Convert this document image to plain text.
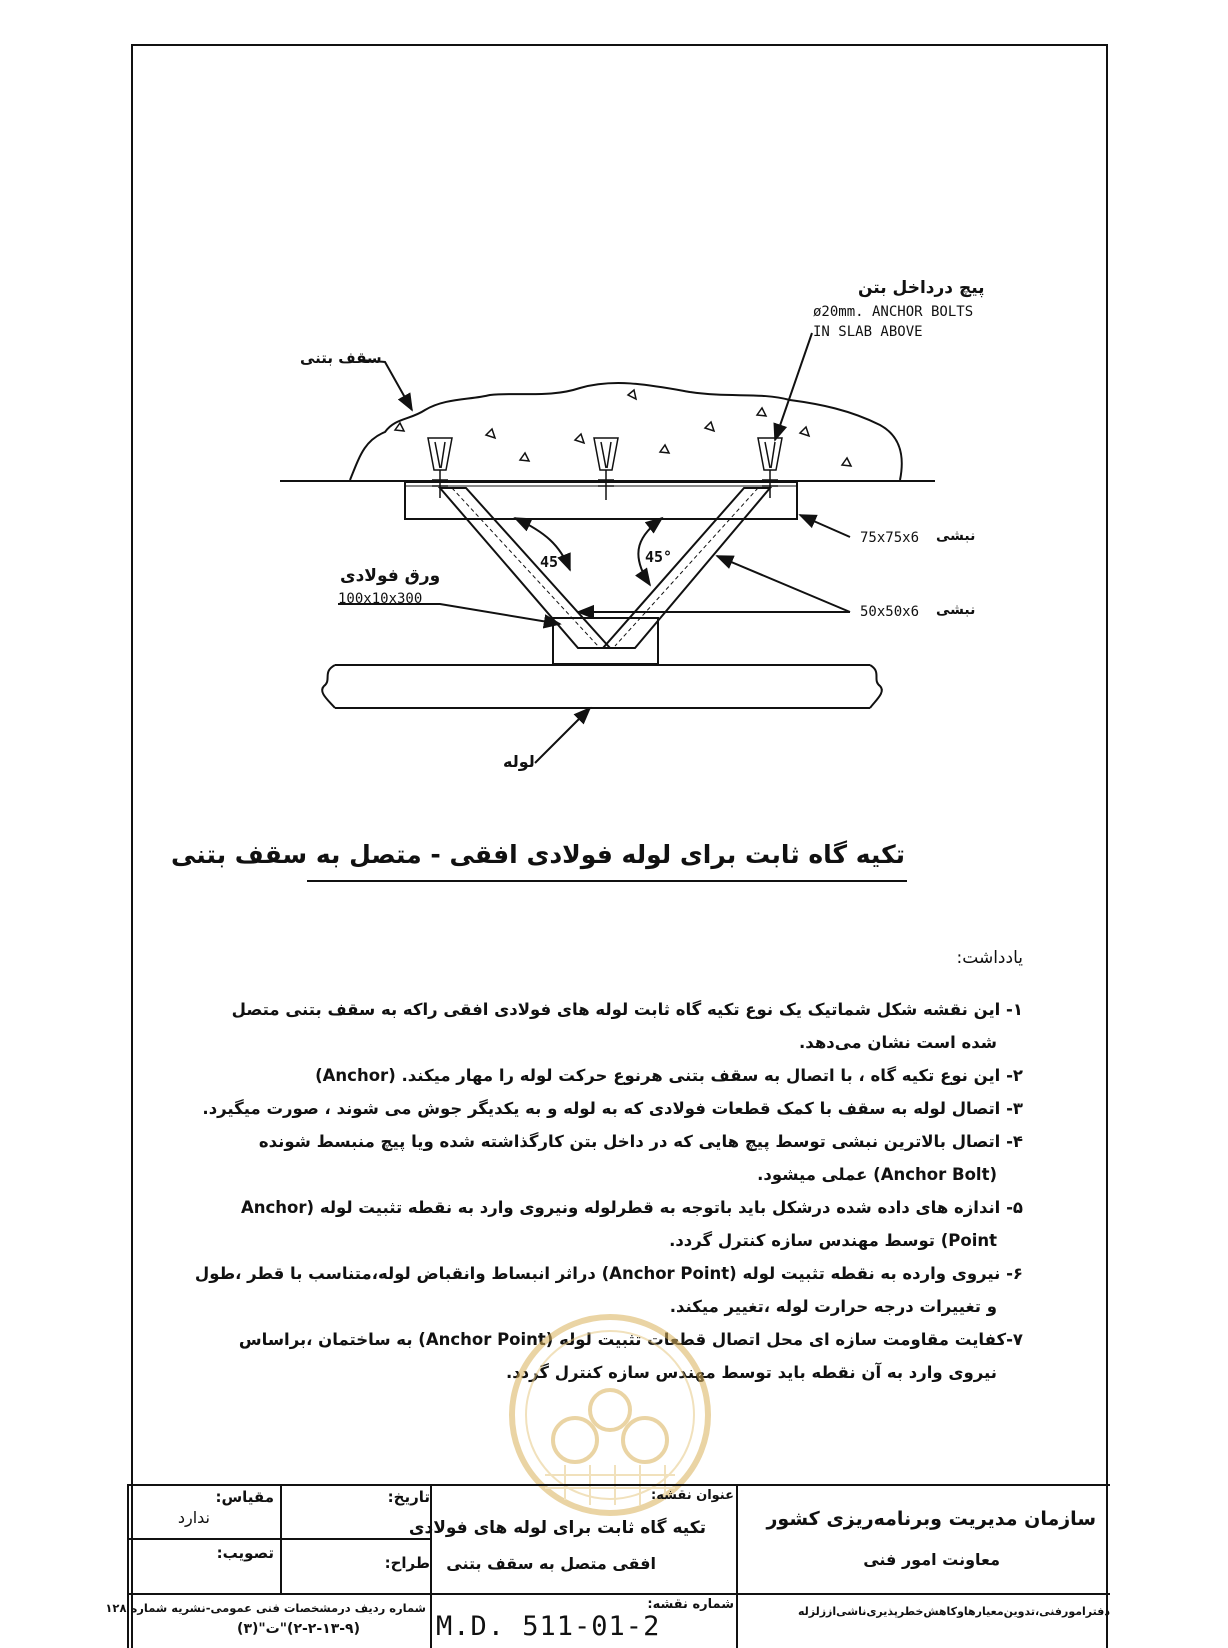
پیچ درداخل بتن
ø20mm. ANCHOR BOLTS
IN SLAB ABOVE
سقف بتنی
75x75x6 نبشی
50x50x6 نبشی
ورق فولادی
100x10x300
لوله
45°	45°
تکیه گاه ثابت برای لوله فولادی افقی - متصل به سقف بتنی
یادداشت:
۱- این نقشه شکل شماتیک یک نوع تکیه گاه ثابت لوله های فولادی افقی راکه به سقف بتنی متصل شده است نشان می‌دهد.
۲- این نوع تکیه گاه ، با اتصال به سقف بتنی هرنوع حرکت لوله را مهار میکند. (Anchor)
۳- اتصال لوله به سقف با کمک قطعات فولادی که به لوله و به یکدیگر جوش می شوند ، صورت میگیرد.
۴- اتصال بالاترین نبشی توسط پیچ هایی که در داخل بتن کارگذاشته شده ویا پیچ منبسط شونده (Anchor Bolt) عملی میشود.
۵- اندازه های داده شده درشکل باید باتوجه به قطرلوله ونیروی وارد به نقطه تثبیت لوله (Anchor Point) توسط مهندس سازه کنترل گردد.
۶- نیروی وارده به نقطه تثبیت لوله (Anchor Point) دراثر انبساط وانقباض لوله،متناسب با قطر ،طول و تغییرات درجه حرارت لوله ،تغییر میکند.
۷-کفایت مقاومت سازه ای محل اتصال قطعات تثبیت لوله (Anchor Point) به ساختمان ،براساس نیروی وارد به آن نقطه باید توسط مهندس سازه کنترل گردد.
مقیاس:
ندارد
تصویب:
تاریخ:
طراح:
شماره ردیف درمشخصات فنی عمومی-نشریه شماره ۱۲۸
(۲-۲-۱۳-۹)"ت"(۳)
عنوان نقشه:
تکیه گاه ثابت برای لوله های فولادی
افقی متصل به سقف بتنی
شماره نقشه:
M.D. 511-01-2
سازمان مدیریت وبرنامه‌ریزی کشور
معاونت امور فنی
دفترامورفنی،تدوین‌معیارهاوکاهش‌خطرپذیری‌ناشی‌اززلزله
